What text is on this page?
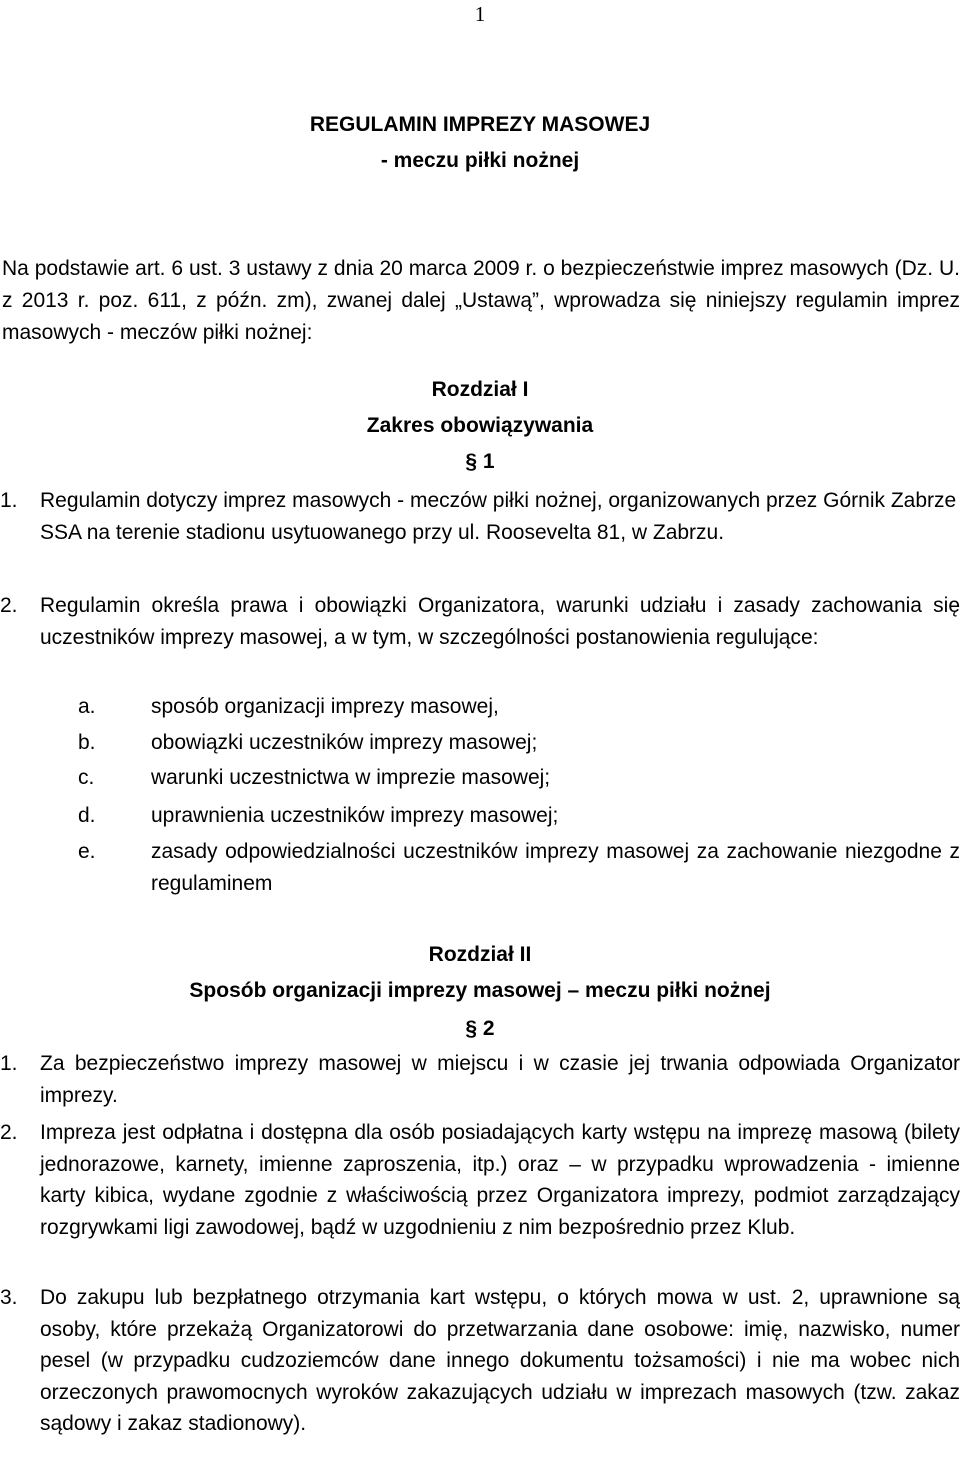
1
REGULAMIN IMPREZY MASOWEJ
- meczu piłki nożnej
Na podstawie art. 6 ust. 3 ustawy z dnia 20 marca 2009 r. o bezpieczeństwie imprez masowych (Dz. U. z 2013 r. poz. 611, z późn. zm), zwanej dalej „Ustawą”, wprowadza się niniejszy regulamin imprez masowych - meczów piłki nożnej:
Rozdział I
Zakres obowiązywania
§ 1
1. Regulamin dotyczy imprez masowych - meczów piłki nożnej, organizowanych przez Górnik Zabrze SSA na terenie stadionu usytuowanego przy ul. Roosevelta 81, w Zabrzu.
2. Regulamin określa prawa i obowiązki Organizatora, warunki udziału i zasady zachowania się uczestników imprezy masowej, a w tym, w szczególności postanowienia regulujące:
a.	sposób organizacji imprezy masowej,
b.	obowiązki uczestników imprezy masowej;
c.	warunki uczestnictwa w imprezie masowej;
d.	uprawnienia uczestników imprezy masowej;
e.	zasady odpowiedzialności uczestników imprezy masowej za zachowanie niezgodne z regulaminem
Rozdział II
Sposób organizacji imprezy masowej – meczu piłki nożnej
§ 2
1. Za bezpieczeństwo imprezy masowej w miejscu i w czasie jej trwania odpowiada Organizator imprezy.
2. Impreza jest odpłatna i dostępna dla osób posiadających karty wstępu na imprezę masową (bilety jednorazowe, karnety, imienne zaproszenia, itp.) oraz – w przypadku wprowadzenia - imienne karty kibica, wydane zgodnie z właściwością przez Organizatora imprezy, podmiot zarządzający rozgrywkami ligi zawodowej, bądź w uzgodnieniu z nim bezpośrednio przez Klub.
3. Do zakupu lub bezpłatnego otrzymania kart wstępu, o których mowa w ust. 2, uprawnione są osoby, które przekażą Organizatorowi do przetwarzania dane osobowe: imię, nazwisko, numer pesel (w przypadku cudzoziemców dane innego dokumentu tożsamości) i nie ma wobec nich orzeczonych prawomocnych wyroków zakazujących udziału w imprezach masowych (tzw. zakaz sądowy i zakaz stadionowy).
